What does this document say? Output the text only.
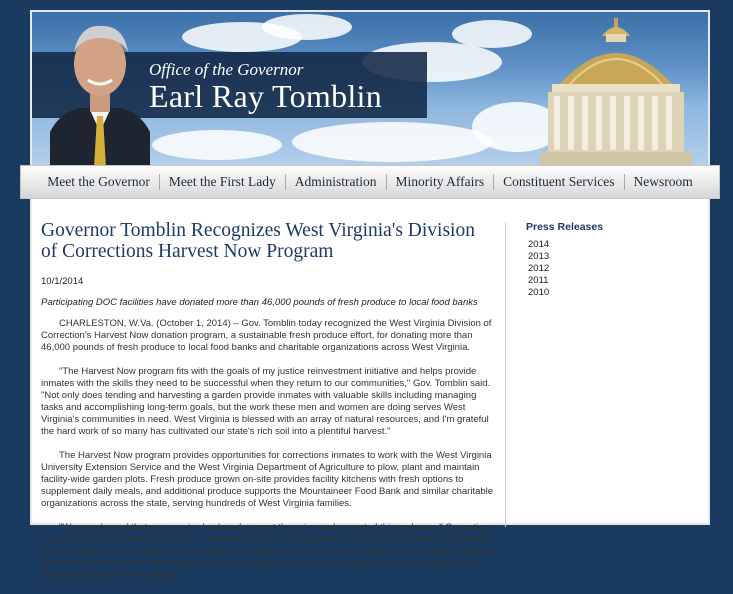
Office of the Governor
Earl Ray Tomblin
Meet the Governor	Meet the First Lady	Administration	Minority Affairs	Constituent Services	Newsroom
Governor Tomblin Recognizes West Virginia's Division of Corrections Harvest Now Program
10/1/2014
Participating DOC facilities have donated more than 46,000 pounds of fresh produce to local food banks

CHARLESTON, W.Va. (October 1, 2014) – Gov. Tomblin today recognized the West Virginia Division of Correction's Harvest Now donation program, a sustainable fresh produce effort, for donating more than 46,000 pounds of fresh produce to local food banks and charitable organizations across West Virginia.

"The Harvest Now program fits with the goals of my justice reinvestment initiative and helps provide inmates with the skills they need to be successful when they return to our communities," Gov. Tomblin said. "Not only does tending and harvesting a garden provide inmates with valuable skills including managing tasks and accomplishing long-term goals, but the work these men and women are doing serves West Virginia's communities in need. West Virginia is blessed with an array of natural resources, and I'm grateful the hard work of so many has cultivated our state's rich soil into a plentiful harvest."

The Harvest Now program provides opportunities for corrections inmates to work with the West Virginia University Extension Service and the West Virginia Department of Agriculture to plow, plant and maintain facility-wide garden plots. Fresh produce grown on-site provides facility kitchens with fresh options to supplement daily meals, and additional produce supports the Mountaineer Food Bank and similar charitable organizations across the state, serving hundreds of West Virginia families.

"We are pleased that we can give back and support those in need as part of this endeavor," Corrections Commissioner Jim Rubenstein said. "I would like to thank the wardens, staff and inmates who have worked on the project, and as a division we continue to increase the amount of fresh produce we are able to donate to our local communities. We are honored and humbled that we can give back and are committed to the continued success of this project."

Press Releases
2014
2013
2012
2011
2010
